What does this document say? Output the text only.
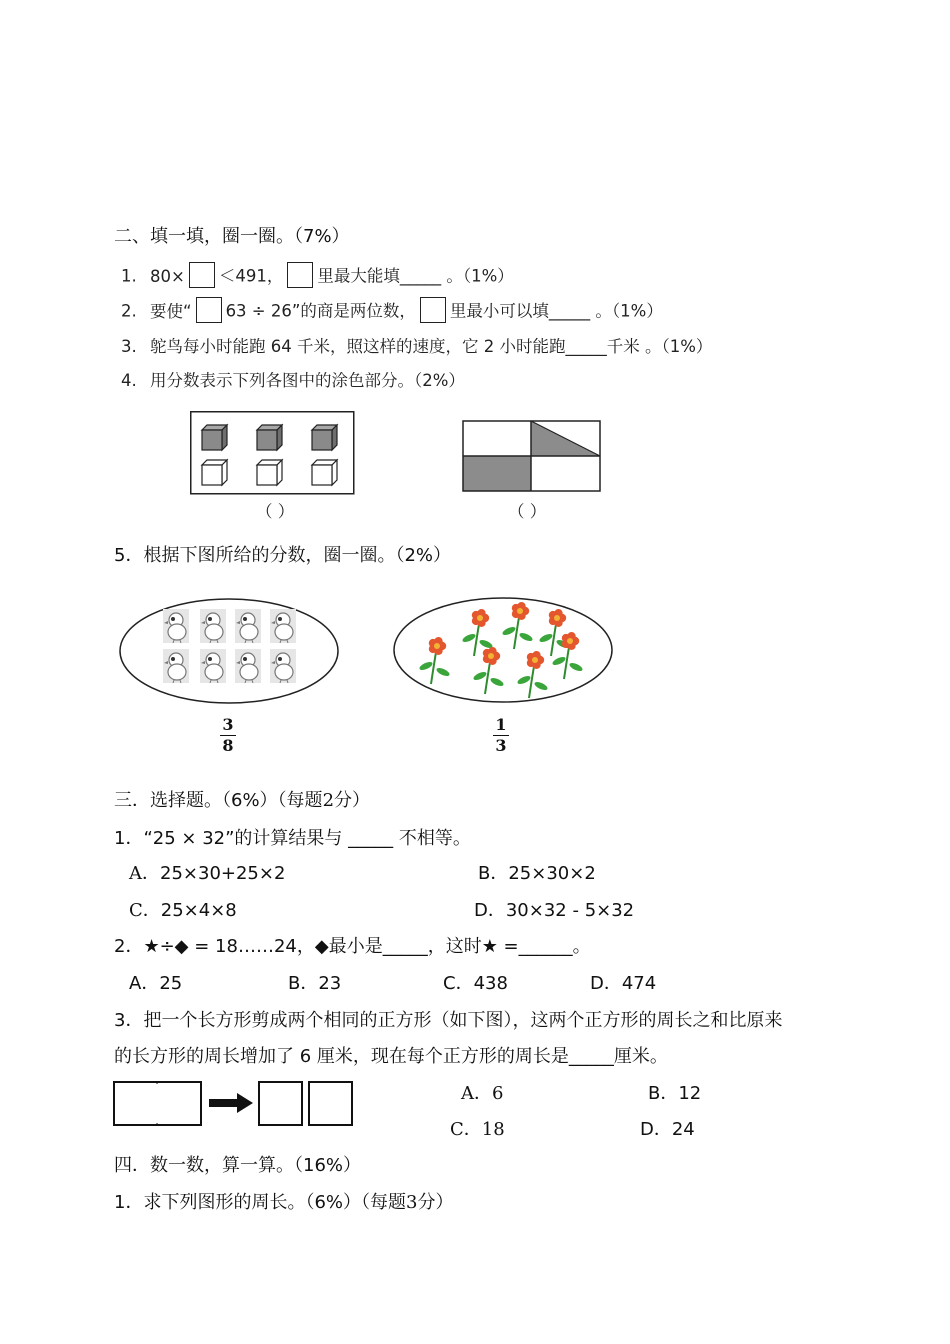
二、填一填，圈一圈。（7%）
1. 80× ＜491， 里最大能填_____ 。（1%）
2. 要使“ 63 ÷ 26”的商是两位数， 里最小可以填_____ 。（1%）
3. 鸵鸟每小时能跑 64 千米，照这样的速度，它 2 小时能跑_____千米 。（1%）
4. 用分数表示下列各图中的涂色部分。（2%）
（ ）	（ ）
5．根据下图所给的分数，圈一圈。（2%）
3
8
1
3
三．选择题。（6%）（每题2分）
1．“25 × 32”的计算结果与 _____ 不相等。
A．25×30+25×2	B．25×30×2
C．25×4×8	D．30×32 - 5×32
2．★÷◆ = 18……24，◆最小是_____，这时★ =______。
A．25	B．23	C．438	D．474
3．把一个长方形剪成两个相同的正方形（如下图），这两个正方形的周长之和比原来
的长方形的周长增加了 6 厘米，现在每个正方形的周长是_____厘米。
A．6	B．12
C．18	D．24
四．数一数，算一算。（16%）
1．求下列图形的周长。（6%）（每题3分）
